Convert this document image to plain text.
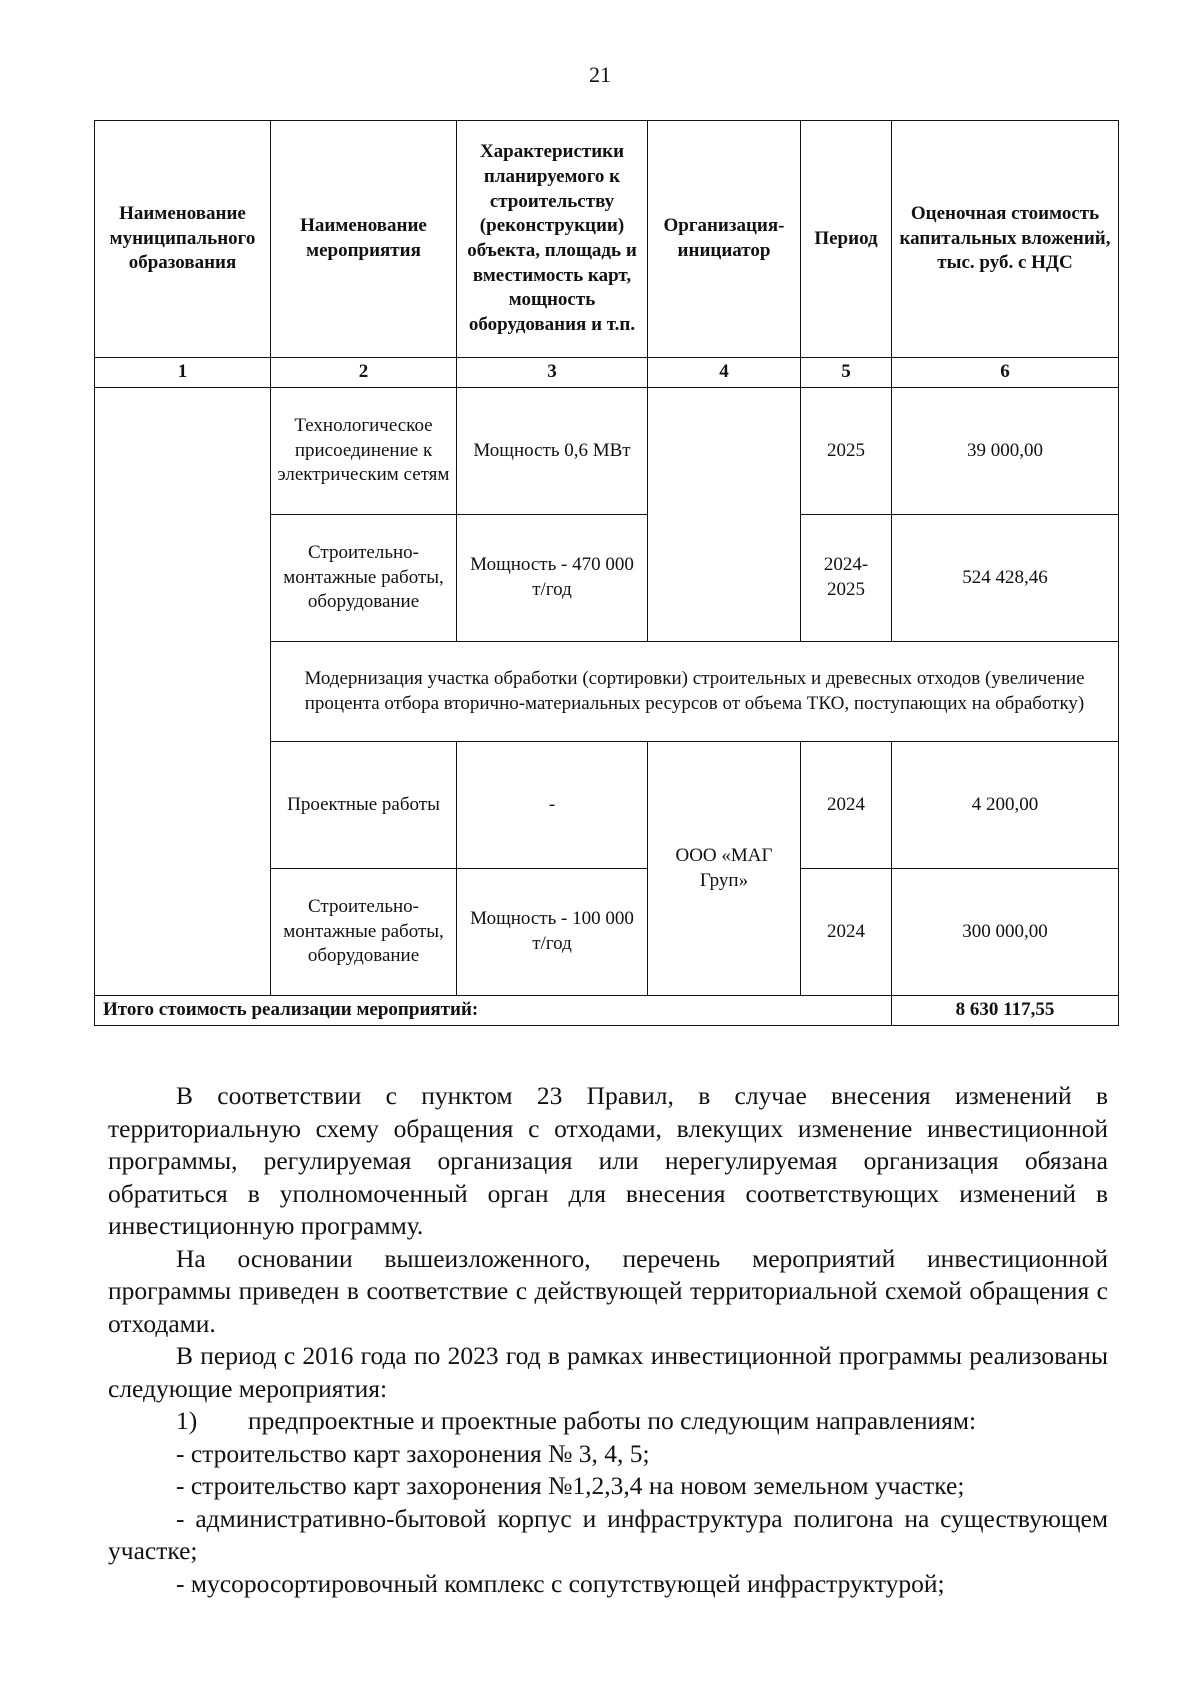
21
Наименование муниципального образования	Наименование мероприятия	Характеристики планируемого к строительству (реконструкции) объекта, площадь и вместимость карт, мощность оборудования и т.п.	Организация-инициатор	Период	Оценочная стоимость капитальных вложений, тыс. руб. с НДС
1	2	3	4	5	6
	Технологическое присоединение к электрическим сетям	Мощность 0,6 МВт		2025	39 000,00
	Строительно-монтажные работы, оборудование	Мощность - 470 000 т/год		2024-2025	524 428,46
	Модернизация участка обработки (сортировки) строительных и древесных отходов (увеличение процента отбора вторично-материальных ресурсов от объема ТКО, поступающих на обработку)				
	Проектные работы	-	ООО «МАГ Груп»	2024	4 200,00
	Строительно-монтажные работы, оборудование	Мощность - 100 000 т/год		2024	300 000,00
Итого стоимость реализации мероприятий:					8 630 117,55

В соответствии с пунктом 23 Правил, в случае внесения изменений в территориальную схему обращения с отходами, влекущих изменение инвестиционной программы, регулируемая организация или нерегулируемая организация обязана обратиться в уполномоченный орган для внесения соответствующих изменений в инвестиционную программу.

На основании вышеизложенного, перечень мероприятий инвестиционной программы приведен в соответствие с действующей территориальной схемой обращения с отходами.

В период с 2016 года по 2023 год в рамках инвестиционной программы реализованы следующие мероприятия:

1) предпроектные и проектные работы по следующим направлениям:

- строительство карт захоронения № 3, 4, 5;

- строительство карт захоронения №1,2,3,4 на новом земельном участке;

- административно-бытовой корпус и инфраструктура полигона на существующем участке;

- мусоросортировочный комплекс с сопутствующей инфраструктурой;
